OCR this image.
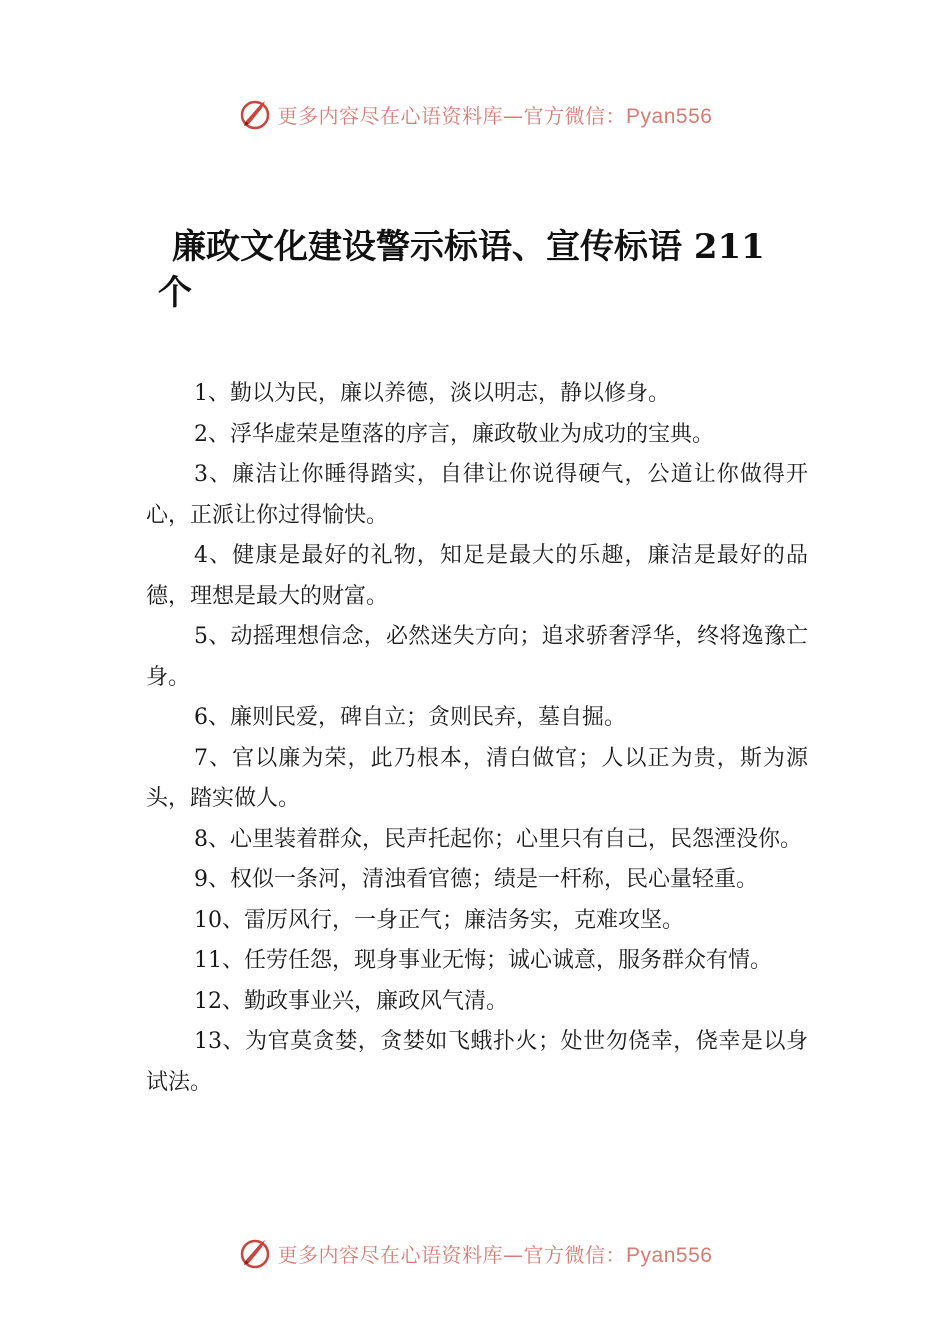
更多内容尽在心语资料库—官方微信：Pyan556
廉政文化建设警示标语、宣传标语 211
个

1、勤以为民，廉以养德，淡以明志，静以修身。

2、浮华虚荣是堕落的序言，廉政敬业为成功的宝典。

3、廉洁让你睡得踏实，自律让你说得硬气，公道让你做得开心，正派让你过得愉快。

4、健康是最好的礼物，知足是最大的乐趣，廉洁是最好的品德，理想是最大的财富。

5、动摇理想信念，必然迷失方向；追求骄奢浮华，终将逸豫亡身。

6、廉则民爱，碑自立；贪则民弃，墓自掘。

7、官以廉为荣，此乃根本，清白做官；人以正为贵，斯为源头，踏实做人。

8、心里装着群众，民声托起你；心里只有自己，民怨湮没你。

9、权似一条河，清浊看官德；绩是一杆称，民心量轻重。

10、雷厉风行，一身正气；廉洁务实，克难攻坚。

11、任劳任怨，现身事业无悔；诚心诚意，服务群众有情。

12、勤政事业兴，廉政风气清。

13、为官莫贪婪，贪婪如飞蛾扑火；处世勿侥幸，侥幸是以身试法。

更多内容尽在心语资料库—官方微信：Pyan556
